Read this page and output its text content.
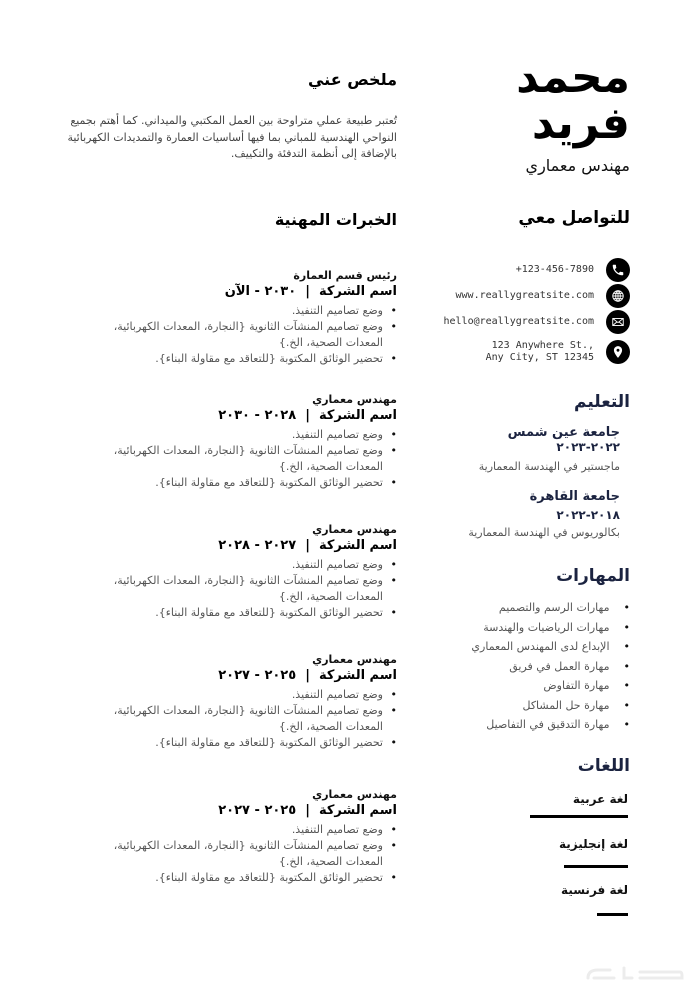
محمد
فريد
مهندس معماري
للتواصل معي
+123-456-7890
www.reallygreatsite.com
hello@reallygreatsite.com
123 Anywhere St.,
Any City, ST 12345
التعليم
جامعة عين شمس
٢٠٢٢-٢٠٢٣
ماجستير في الهندسة المعمارية
جامعة القاهرة
٢٠١٨-٢٠٢٢
بكالوريوس في الهندسة المعمارية
المهارات
• مهارات الرسم والتصميم
• مهارات الرياضيات والهندسة
• الإبداع لدى المهندس المعماري
• مهارة العمل في فريق
• مهارة التفاوض
• مهارة حل المشاكل
• مهارة التدقيق في التفاصيل
اللغات
لغة عربية
لغة إنجليزية
لغة فرنسية
ملخص عني
تُعتبر طبيعة عملي متراوحة بين العمل المكتبي والميداني. كما أهتم بجميع النواحي الهندسية للمباني بما فيها أساسيات العمارة والتمديدات الكهربائية بالإضافة إلى أنظمة التدفئة والتكييف.
الخبرات المهنية
رئيس قسم العمارة
اسم الشركة|٢٠٣٠ - الآن
• وضع تصاميم التنفيذ.
• وضع تصاميم المنشآت الثانوية {النجارة، المعدات الكهربائية، المعدات الصحية، الخ.}
• تحضير الوثائق المكتوبة {للتعاقد مع مقاولة البناء}.
مهندس معماري
اسم الشركة|٢٠٢٨ - ٢٠٣٠
• وضع تصاميم التنفيذ.
• وضع تصاميم المنشآت الثانوية {النجارة، المعدات الكهربائية، المعدات الصحية، الخ.}
• تحضير الوثائق المكتوبة {للتعاقد مع مقاولة البناء}.
مهندس معماري
اسم الشركة|٢٠٢٧ - ٢٠٢٨
• وضع تصاميم التنفيذ.
• وضع تصاميم المنشآت الثانوية {النجارة، المعدات الكهربائية، المعدات الصحية، الخ.}
• تحضير الوثائق المكتوبة {للتعاقد مع مقاولة البناء}.
مهندس معماري
اسم الشركة|٢٠٢٥ - ٢٠٢٧
• وضع تصاميم التنفيذ.
• وضع تصاميم المنشآت الثانوية {النجارة، المعدات الكهربائية، المعدات الصحية، الخ.}
• تحضير الوثائق المكتوبة {للتعاقد مع مقاولة البناء}.
مهندس معماري
اسم الشركة|٢٠٢٥ - ٢٠٢٧
• وضع تصاميم التنفيذ.
• وضع تصاميم المنشآت الثانوية {النجارة، المعدات الكهربائية، المعدات الصحية، الخ.}
• تحضير الوثائق المكتوبة {للتعاقد مع مقاولة البناء}.
